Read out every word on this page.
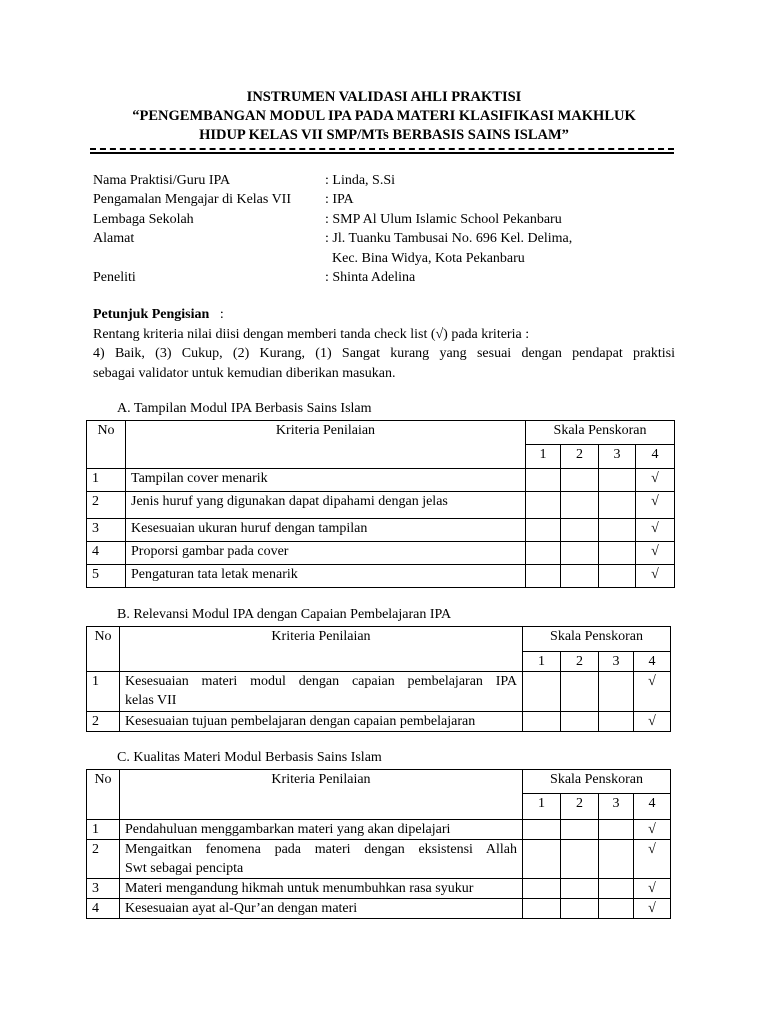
INSTRUMEN VALIDASI AHLI PRAKTISI
“PENGEMBANGAN MODUL IPA PADA MATERI KLASIFIKASI MAKHLUK
HIDUP KELAS VII SMP/MTs BERBASIS SAINS ISLAM”
Nama Praktisi/Guru IPA	: Linda, S.Si
Pengamalan Mengajar di Kelas VII	: IPA
Lembaga Sekolah	: SMP Al Ulum Islamic School Pekanbaru
Alamat	: Jl. Tuanku Tambusai No. 696 Kel. Delima,
Kec. Bina Widya, Kota Pekanbaru
Peneliti	: Shinta Adelina
Petunjuk Pengisian :
Rentang kriteria nilai diisi dengan memberi tanda check list (√) pada kriteria :
4) Baik, (3) Cukup, (2) Kurang, (1) Sangat kurang yang sesuai dengan pendapat praktisi
sebagai validator untuk kemudian diberikan masukan.
A. Tampilan Modul IPA Berbasis Sains Islam
No	Kriteria Penilaian	Skala Penskoran			
		1	2	3	4
1	Tampilan cover menarik				√
2	Jenis huruf yang digunakan dapat dipahami dengan jelas				√
3	Kesesuaian ukuran huruf dengan tampilan				√
4	Proporsi gambar pada cover				√
5	Pengaturan tata letak menarik				√
B. Relevansi Modul IPA dengan Capaian Pembelajaran IPA
No	Kriteria Penilaian	Skala Penskoran			
		1	2	3	4
1	Kesesuaian materi modul dengan capaian pembelajaran IPA
kelas VII				√
2	Kesesuaian tujuan pembelajaran dengan capaian pembelajaran				√
C. Kualitas Materi Modul Berbasis Sains Islam
No	Kriteria Penilaian	Skala Penskoran			
		1	2	3	4
1	Pendahuluan menggambarkan materi yang akan dipelajari				√
2	Mengaitkan fenomena pada materi dengan eksistensi Allah
Swt sebagai pencipta				√
3	Materi mengandung hikmah untuk menumbuhkan rasa syukur				√
4	Kesesuaian ayat al-Qur’an dengan materi				√
